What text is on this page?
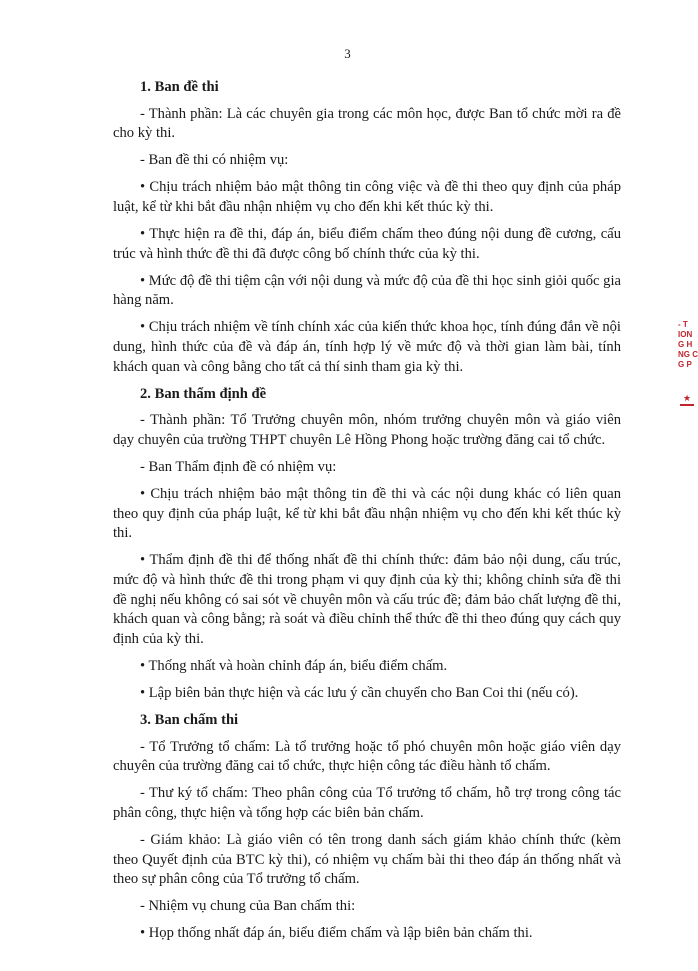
3
1. Ban đề thi

- Thành phần: Là các chuyên gia trong các môn học, được Ban tổ chức mời ra đề cho kỳ thi.

- Ban đề thi có nhiệm vụ:

• Chịu trách nhiệm bảo mật thông tin công việc và đề thi theo quy định của pháp luật, kể từ khi bắt đầu nhận nhiệm vụ cho đến khi kết thúc kỳ thi.

• Thực hiện ra đề thi, đáp án, biểu điểm chấm theo đúng nội dung đề cương, cấu trúc và hình thức đề thi đã được công bố chính thức của kỳ thi.

• Mức độ đề thi tiệm cận với nội dung và mức độ của đề thi học sinh giỏi quốc gia hàng năm.

• Chịu trách nhiệm về tính chính xác của kiến thức khoa học, tính đúng đắn về nội dung, hình thức của đề và đáp án, tính hợp lý về mức độ và thời gian làm bài, tính khách quan và công bằng cho tất cả thí sinh tham gia kỳ thi.

2. Ban thẩm định đề

- Thành phần: Tổ Trưởng chuyên môn, nhóm trưởng chuyên môn và giáo viên dạy chuyên của trường THPT chuyên Lê Hồng Phong hoặc trường đăng cai tổ chức.

- Ban Thẩm định đề có nhiệm vụ:

• Chịu trách nhiệm bảo mật thông tin đề thi và các nội dung khác có liên quan theo quy định của pháp luật, kể từ khi bắt đầu nhận nhiệm vụ cho đến khi kết thúc kỳ thi.

• Thẩm định đề thi để thống nhất đề thi chính thức: đảm bảo nội dung, cấu trúc, mức độ và hình thức đề thi trong phạm vi quy định của kỳ thi; không chỉnh sửa đề thi đề nghị nếu không có sai sót về chuyên môn và cấu trúc đề; đảm bảo chất lượng đề thi, khách quan và công bằng; rà soát và điều chỉnh thể thức đề thi theo đúng quy cách quy định của kỳ thi.

• Thống nhất và hoàn chỉnh đáp án, biểu điểm chấm.

• Lập biên bản thực hiện và các lưu ý cần chuyển cho Ban Coi thi (nếu có).

3. Ban chấm thi

- Tổ Trưởng tổ chấm: Là tổ trưởng hoặc tổ phó chuyên môn hoặc giáo viên dạy chuyên của trường đăng cai tổ chức, thực hiện công tác điều hành tổ chấm.

- Thư ký tổ chấm: Theo phân công của Tổ trưởng tổ chấm, hỗ trợ trong công tác phân công, thực hiện và tổng hợp các biên bản chấm.

- Giám khảo: Là giáo viên có tên trong danh sách giám khảo chính thức (kèm theo Quyết định của BTC kỳ thi), có nhiệm vụ chấm bài thi theo đáp án thống nhất và theo sự phân công của Tổ trưởng tổ chấm.

- Nhiệm vụ chung của Ban chấm thi:

• Họp thống nhất đáp án, biểu điểm chấm và lập biên bản chấm thi.

- T
ION
G H
NG C
G P
★
